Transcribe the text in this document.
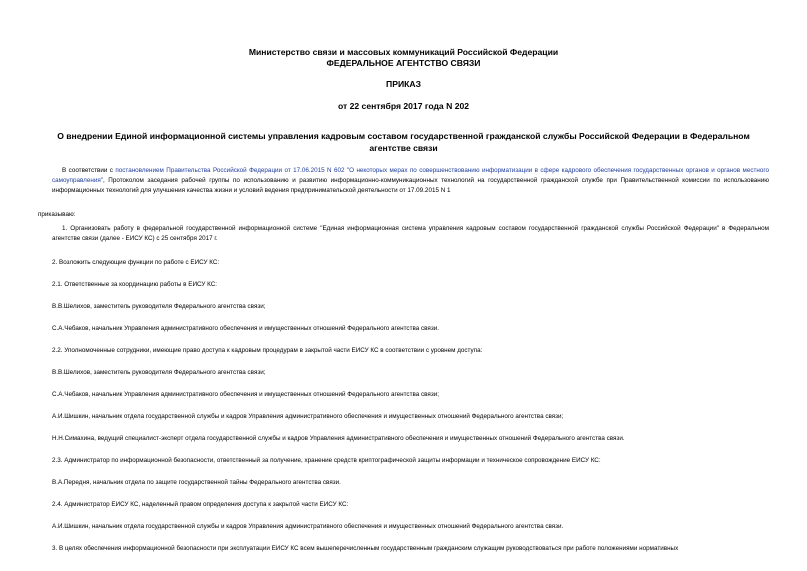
Министерство связи и массовых коммуникаций Российской Федерации
ФЕДЕРАЛЬНОЕ АГЕНТСТВО СВЯЗИ
ПРИКАЗ
от 22 сентября 2017 года N 202
О внедрении Единой информационной системы управления кадровым составом государственной гражданской службы Российской Федерации в Федеральном агентстве связи

В соответствии с постановлением Правительства Российской Федерации от 17.06.2015 N 602 "О некоторых мерах по совершенствованию информатизации в сфере кадрового обеспечения государственных органов и органов местного самоуправления", Протоколом заседания рабочей группы по использованию и развитию информационно-коммуникационных технологий на государственной гражданской службе при Правительственной комиссии по использованию информационных технологий для улучшения качества жизни и условий ведения предпринимательской деятельности от 17.09.2015 N 1

приказываю:

1. Организовать работу в федеральной государственной информационной системе "Единая информационная система управления кадровым составом государственной гражданской службы Российской Федерации" в Федеральном агентстве связи (далее - ЕИСУ КС) с 25 сентября 2017 г.

2. Возложить следующие функции по работе с ЕИСУ КС:

2.1. Ответственные за координацию работы в ЕИСУ КС:

В.В.Шелихов, заместитель руководителя Федерального агентства связи;

С.А.Чебаков, начальник Управления административного обеспечения и имущественных отношений Федерального агентства связи.

2.2. Уполномоченные сотрудники, имеющие право доступа к кадровым процедурам в закрытой части ЕИСУ КС в соответствии с уровнем доступа:

В.В.Шелихов, заместитель руководителя Федерального агентства связи;

С.А.Чебаков, начальник Управления административного обеспечения и имущественных отношений Федерального агентства связи;

А.И.Шишкин, начальник отдела государственной службы и кадров Управления административного обеспечения и имущественных отношений Федерального агентства связи;

Н.Н.Симахина, ведущий специалист-эксперт отдела государственной службы и кадров Управления административного обеспечения и имущественных отношений Федерального агентства связи.

2.3. Администратор по информационной безопасности, ответственный за получение, хранение средств криптографической защиты информации и техническое сопровождение ЕИСУ КС:

В.А.Передня, начальник отдела по защите государственной тайны Федерального агентства связи.

2.4. Администратор ЕИСУ КС, наделенный правом определения доступа к закрытой части ЕИСУ КС:

А.И.Шишкин, начальник отдела государственной службы и кадров Управления административного обеспечения и имущественных отношений Федерального агентства связи.

3. В целях обеспечения информационной безопасности при эксплуатации ЕИСУ КС всем вышеперечисленным государственным гражданским служащим руководствоваться при работе положениями нормативных
